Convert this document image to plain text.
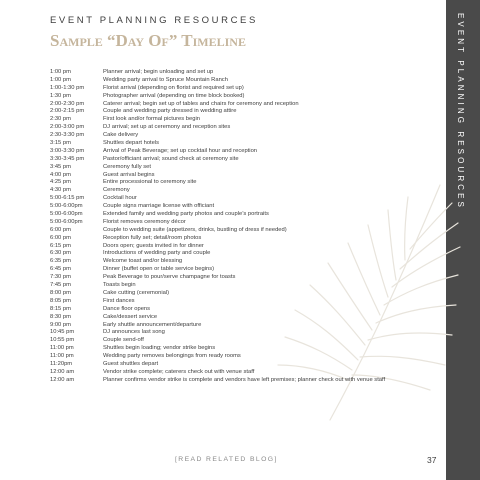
EVENT PLANNING RESOURCES
EVENT PLANNING RESOURCES
Sample “Day Of” Timeline
1:00 pm	Planner arrival; begin unloading and set up
1:00 pm	Wedding party arrival to Spruce Mountain Ranch
1:00-1:30 pm	Florist arrival (depending on florist and required set up)
1:30 pm	Photographer arrival (depending on time block booked)
2:00-2:30 pm	Caterer arrival; begin set up of tables and chairs for ceremony and reception
2:00-2:15 pm	Couple and wedding party dressed in wedding attire
2:30 pm	First look and/or formal pictures begin
2:00-3:00 pm	DJ arrival; set up at ceremony and reception sites
2:30-3:30 pm	Cake delivery
3:15 pm	Shuttles depart hotels
3:00-3:30 pm	Arrival of Peak Beverage; set up cocktail hour and reception
3:30-3:45 pm	Pastor/officiant arrival; sound check at ceremony site
3:45 pm	Ceremony fully set
4:00 pm	Guest arrival begins
4:25 pm	Entire processional to ceremony site
4:30 pm	Ceremony
5:00-6:15 pm	Cocktail hour
5:00-6:00pm	Couple signs marriage license with officiant
5:00-6:00pm	Extended family and wedding party photos and couple’s portraits
5:00-6:00pm	Florist removes ceremony décor
6:00 pm	Couple to wedding suite (appetizers, drinks, bustling of dress if needed)
6:00 pm	Reception fully set; detail/room photos
6:15 pm	Doors open; guests invited in for dinner
6:30 pm	Introductions of wedding party and couple
6:35 pm	Welcome toast and/or blessing
6:45 pm	Dinner (buffet open or table service begins)
7:30 pm	Peak Beverage to pour/serve champagne for toasts
7:45 pm	Toasts begin
8:00 pm	Cake cutting (ceremonial)
8:05 pm	First dances
8:15 pm	Dance floor opens
8:30 pm	Cake/dessert service
9:00 pm	Early shuttle announcement/departure
10:45 pm	DJ announces last song
10:55 pm	Couple send-off
11:00 pm	Shuttles begin loading; vendor strike begins
11:00 pm	Wedding party removes belongings from ready rooms
11:20pm	Guest shuttles depart
12:00 am	Vendor strike complete; caterers check out with venue staff
12:00 am	Planner confirms vendor strike is complete and vendors have left premises; planner check out with venue staff
[READ RELATED BLOG]	37
